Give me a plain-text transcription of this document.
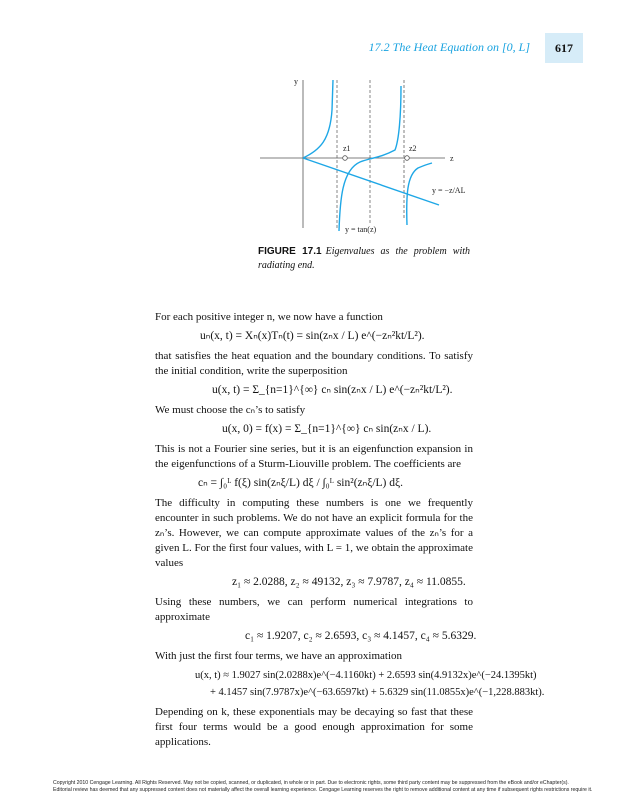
17.2 The Heat Equation on [0, L]	617
y
z
z1	z2
y = −z/AL
y = tan(z)
FIGURE 17.1 Eigenvalues as the problem with radiating end.

For each positive integer n, we now have a function

uₙ(x, t) = Xₙ(x)Tₙ(t) = sin(zₙx / L) e^(−zₙ²kt/L²).

that satisfies the heat equation and the boundary conditions. To satisfy the initial condition, write the superposition

u(x, t) = Σ_{n=1}^{∞} cₙ sin(zₙx / L) e^(−zₙ²kt/L²).

We must choose the cₙ’s to satisfy

u(x, 0) = f(x) = Σ_{n=1}^{∞} cₙ sin(zₙx / L).

This is not a Fourier sine series, but it is an eigenfunction expansion in the eigenfunctions of a Sturm-Liouville problem. The coefficients are

cₙ = ∫₀ᴸ f(ξ) sin(zₙξ/L) dξ / ∫₀ᴸ sin²(zₙξ/L) dξ.

The difficulty in computing these numbers is one we frequently encounter in such problems. We do not have an explicit formula for the zₙ’s. However, we can compute approximate values of the zₙ’s for a given L. For the first four values, with L = 1, we obtain the approximate values

z₁ ≈ 2.0288, z₂ ≈ 49132, z₃ ≈ 7.9787, z₄ ≈ 11.0855.

Using these numbers, we can perform numerical integrations to approximate

c₁ ≈ 1.9207, c₂ ≈ 2.6593, c₃ ≈ 4.1457, c₄ ≈ 5.6329.

With just the first four terms, we have an approximation

u(x, t) ≈ 1.9027 sin(2.0288x)e^(−4.1160kt) + 2.6593 sin(4.9132x)e^(−24.1395kt)
+ 4.1457 sin(7.9787x)e^(−63.6597kt) + 5.6329 sin(11.0855x)e^(−1,228.883kt).

Depending on k, these exponentials may be decaying so fast that these first four terms would be a good enough approximation for some applications.

Copyright 2010 Cengage Learning. All Rights Reserved. May not be copied, scanned, or duplicated, in whole or in part. Due to electronic rights, some third party content may be suppressed from the eBook and/or eChapter(s).
Editorial review has deemed that any suppressed content does not materially affect the overall learning experience. Cengage Learning reserves the right to remove additional content at any time if subsequent rights restrictions require it.
